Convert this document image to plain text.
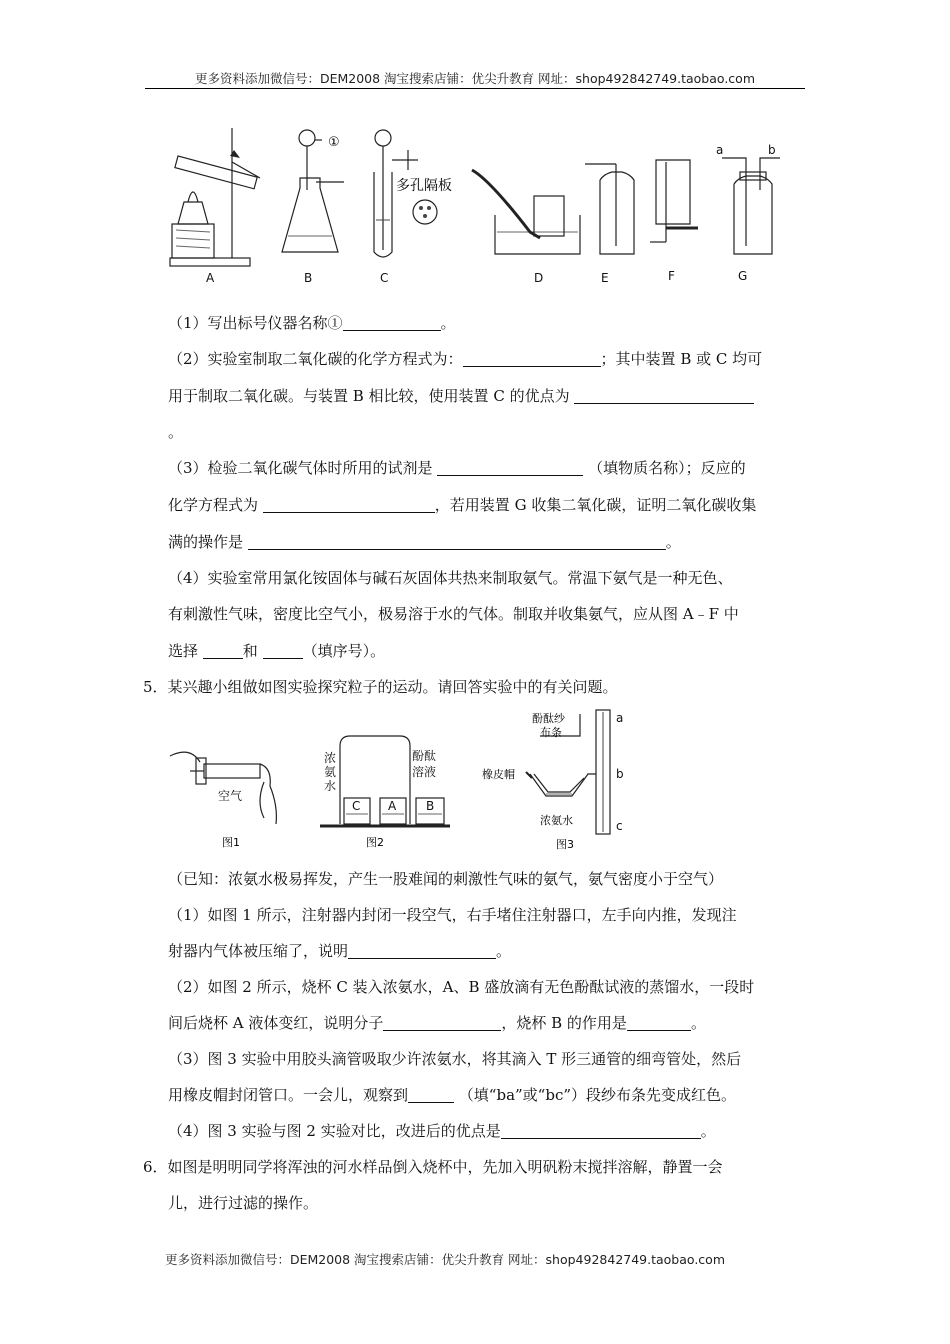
更多资料添加微信号：DEM2008 淘宝搜索店铺：优尖升教育 网址：shop492842749.taobao.com
多孔隔板
a	b
①
A	B	C	D	E	F	G
（1）写出标号仪器名称①	。
（2）实验室制取二氧化碳的化学方程式为：	；其中装置 B 或 C 均可
用于制取二氧化碳。与装置 B 相比较，使用装置 C 的优点为
。
（3）检验二氧化碳气体时所用的试剂是	（填物质名称）；反应的
化学方程式为	，若用装置 G 收集二氧化碳，证明二氧化碳收集
满的操作是	。
（4）实验室常用氯化铵固体与碱石灰固体共热来制取氨气。常温下氨气是一种无色、
有刺激性气味，密度比空气小，极易溶于水的气体。制取并收集氨气，应从图 A﹣F 中
选择	和	（填序号）。
5．某兴趣小组做如图实验探究粒子的运动。请回答实验中的有关问题。
空气
图1
浓
氨
水
酚酞
溶液
C A B
图2
酚酞纱
布条
橡皮帽
浓氨水
a
b
c
图3
（已知：浓氨水极易挥发，产生一股难闻的刺激性气味的氨气，氨气密度小于空气）
（1）如图 1 所示，注射器内封闭一段空气，右手堵住注射器口，左手向内推，发现注
射器内气体被压缩了，说明	。
（2）如图 2 所示，烧杯 C 装入浓氨水，A、B 盛放滴有无色酚酞试液的蒸馏水，一段时
间后烧杯 A 液体变红，说明分子	，烧杯 B 的作用是	。
（3）图 3 实验中用胶头滴管吸取少许浓氨水，将其滴入 T 形三通管的细弯管处，然后
用橡皮帽封闭管口。一会儿，观察到	（填“ba”或“bc”）段纱布条先变成红色。
（4）图 3 实验与图 2 实验对比，改进后的优点是	。
6．如图是明明同学将浑浊的河水样品倒入烧杯中，先加入明矾粉末搅拌溶解，静置一会
儿，进行过滤的操作。
更多资料添加微信号：DEM2008 淘宝搜索店铺：优尖升教育 网址：shop492842749.taobao.com
